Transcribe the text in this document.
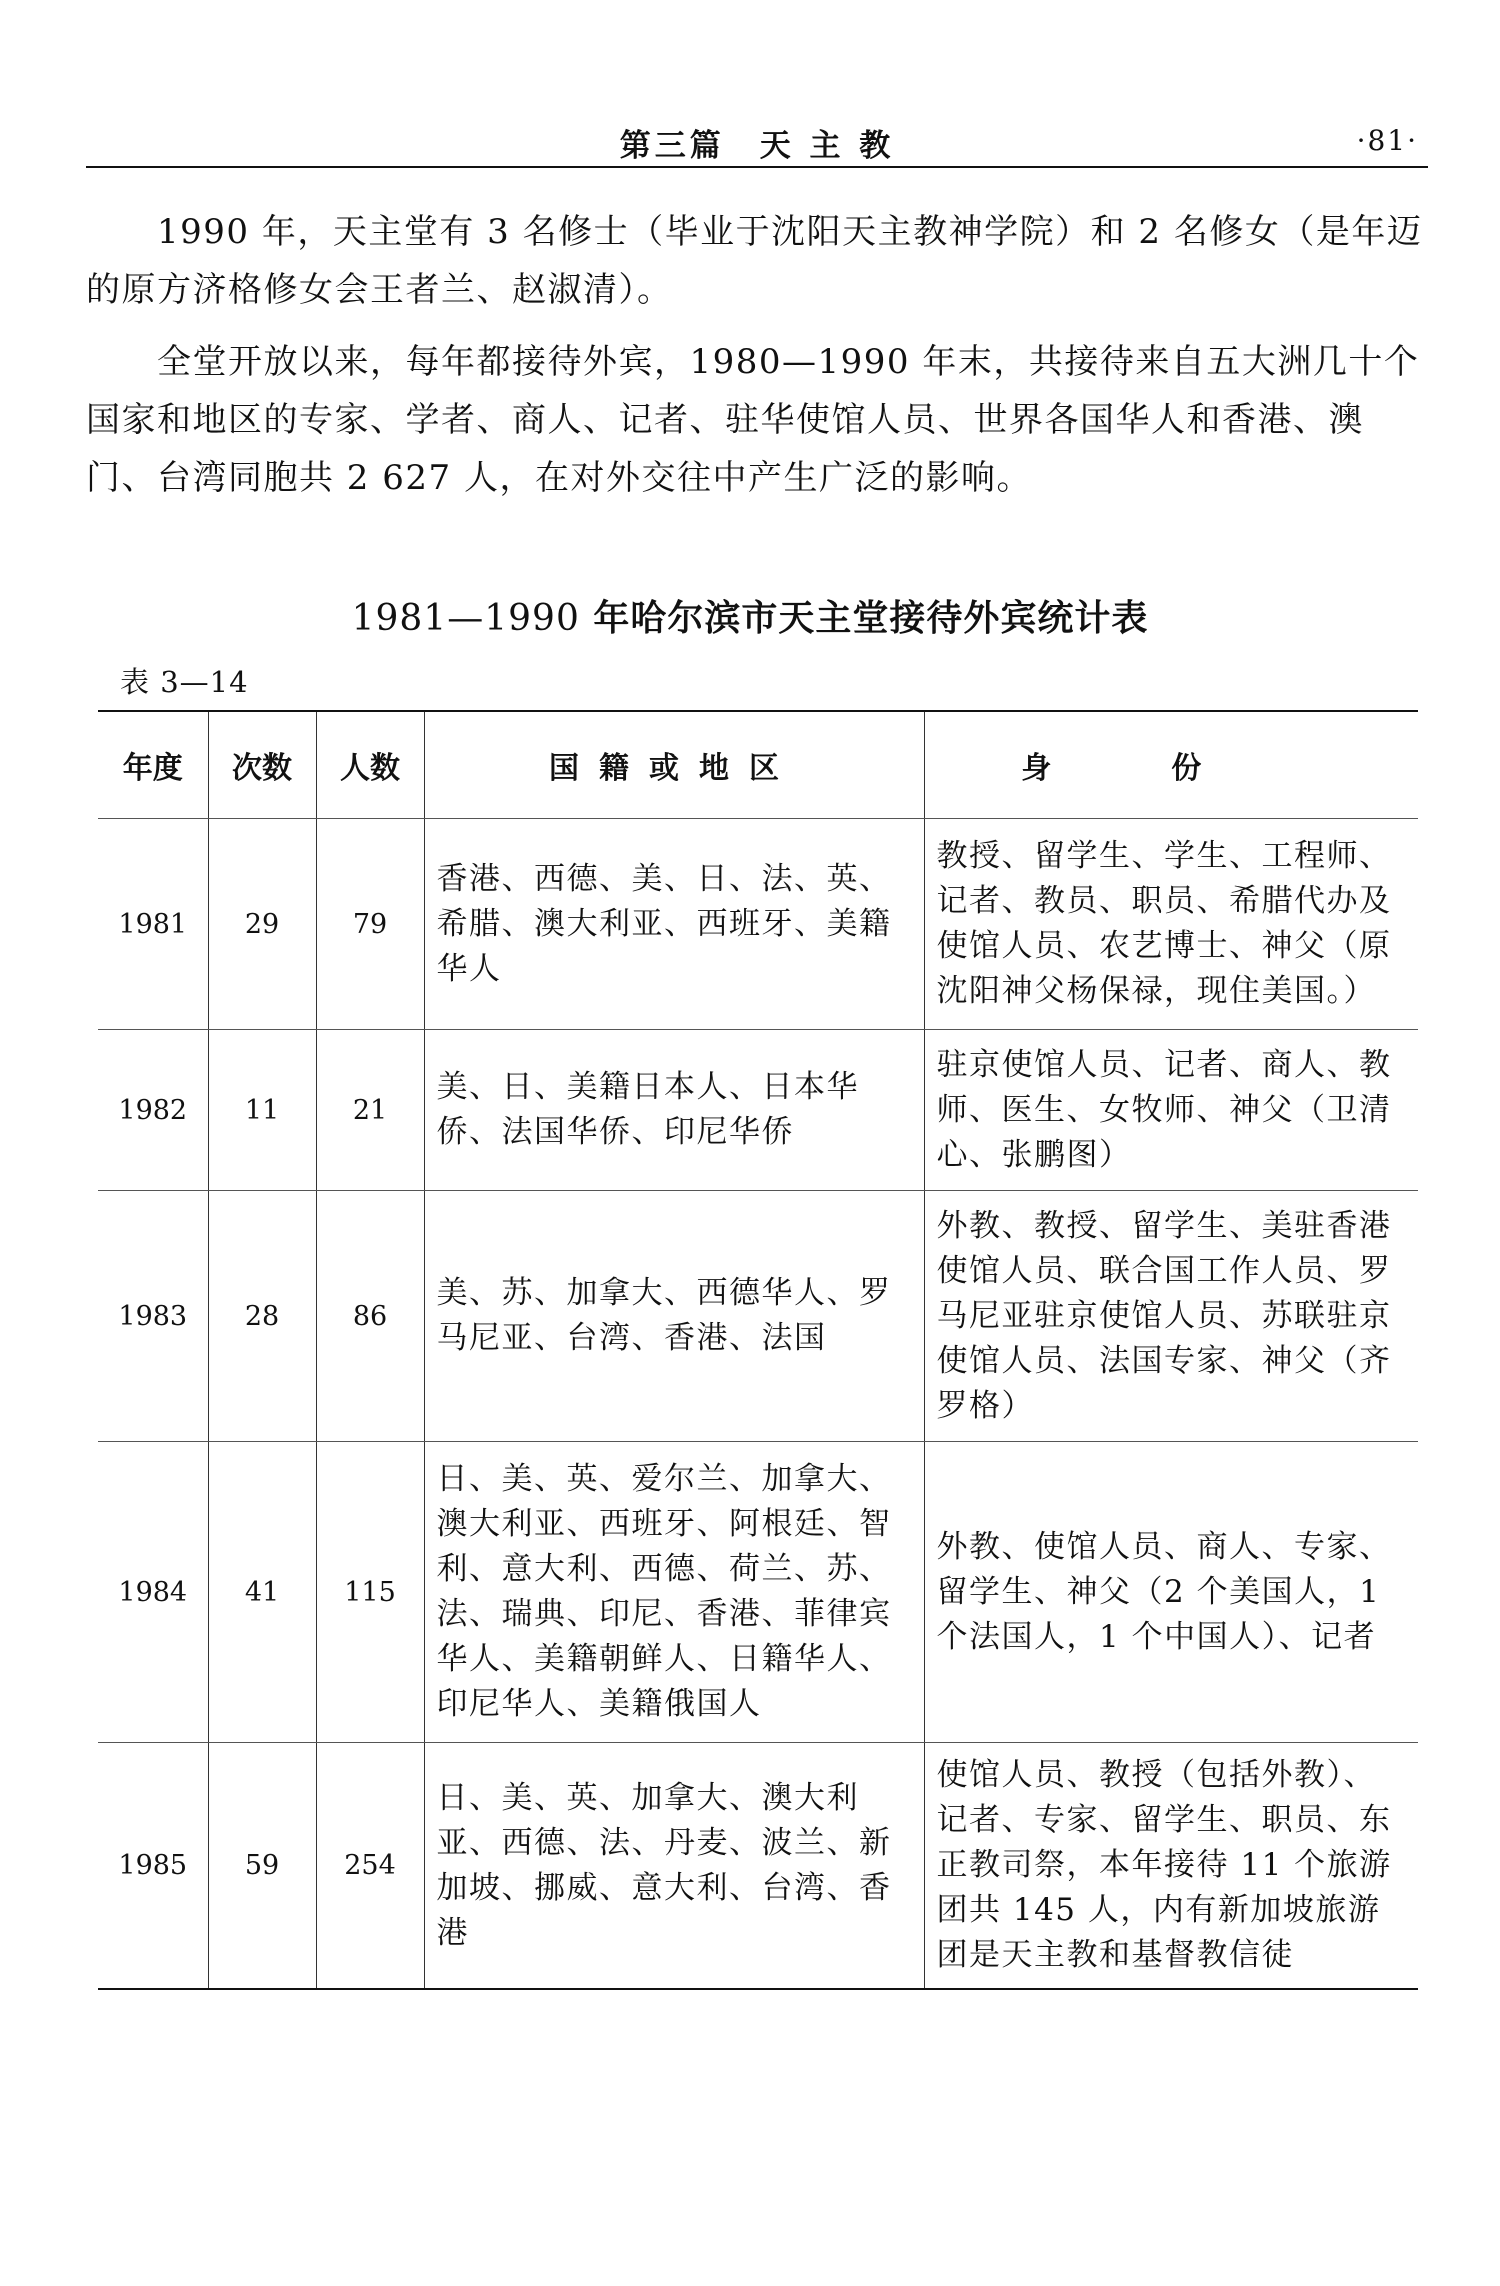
第三篇　天 主 教	·81·

　　1990 年，天主堂有 3 名修士（毕业于沈阳天主教神学院）和 2 名修女（是年迈的原方济格修女会王者兰、赵淑清）。

　　全堂开放以来，每年都接待外宾，1980—1990 年末，共接待来自五大洲几十个国家和地区的专家、学者、商人、记者、驻华使馆人员、世界各国华人和香港、澳门、台湾同胞共 2 627 人，在对外交往中产生广泛的影响。

1981—1990 年哈尔滨市天主堂接待外宾统计表
表 3—14
年度	次数	人数	国籍或地区	身份
1981	29	79	香港、西德、美、日、法、英、希腊、澳大利亚、西班牙、美籍华人	教授、留学生、学生、工程师、记者、教员、职员、希腊代办及使馆人员、农艺博士、神父（原沈阳神父杨保禄，现住美国。）
1982	11	21	美、日、美籍日本人、日本华侨、法国华侨、印尼华侨	驻京使馆人员、记者、商人、教师、医生、女牧师、神父（卫清心、张鹏图）
1983	28	86	美、苏、加拿大、西德华人、罗马尼亚、台湾、香港、法国	外教、教授、留学生、美驻香港使馆人员、联合国工作人员、罗马尼亚驻京使馆人员、苏联驻京使馆人员、法国专家、神父（齐罗格）
1984	41	115	日、美、英、爱尔兰、加拿大、澳大利亚、西班牙、阿根廷、智利、意大利、西德、荷兰、苏、法、瑞典、印尼、香港、菲律宾华人、美籍朝鲜人、日籍华人、印尼华人、美籍俄国人	外教、使馆人员、商人、专家、留学生、神父（2 个美国人，1 个法国人，1 个中国人）、记者
1985	59	254	日、美、英、加拿大、澳大利亚、西德、法、丹麦、波兰、新加坡、挪威、意大利、台湾、香港	使馆人员、教授（包括外教）、记者、专家、留学生、职员、东正教司祭，本年接待 11 个旅游团共 145 人，内有新加坡旅游团是天主教和基督教信徒
